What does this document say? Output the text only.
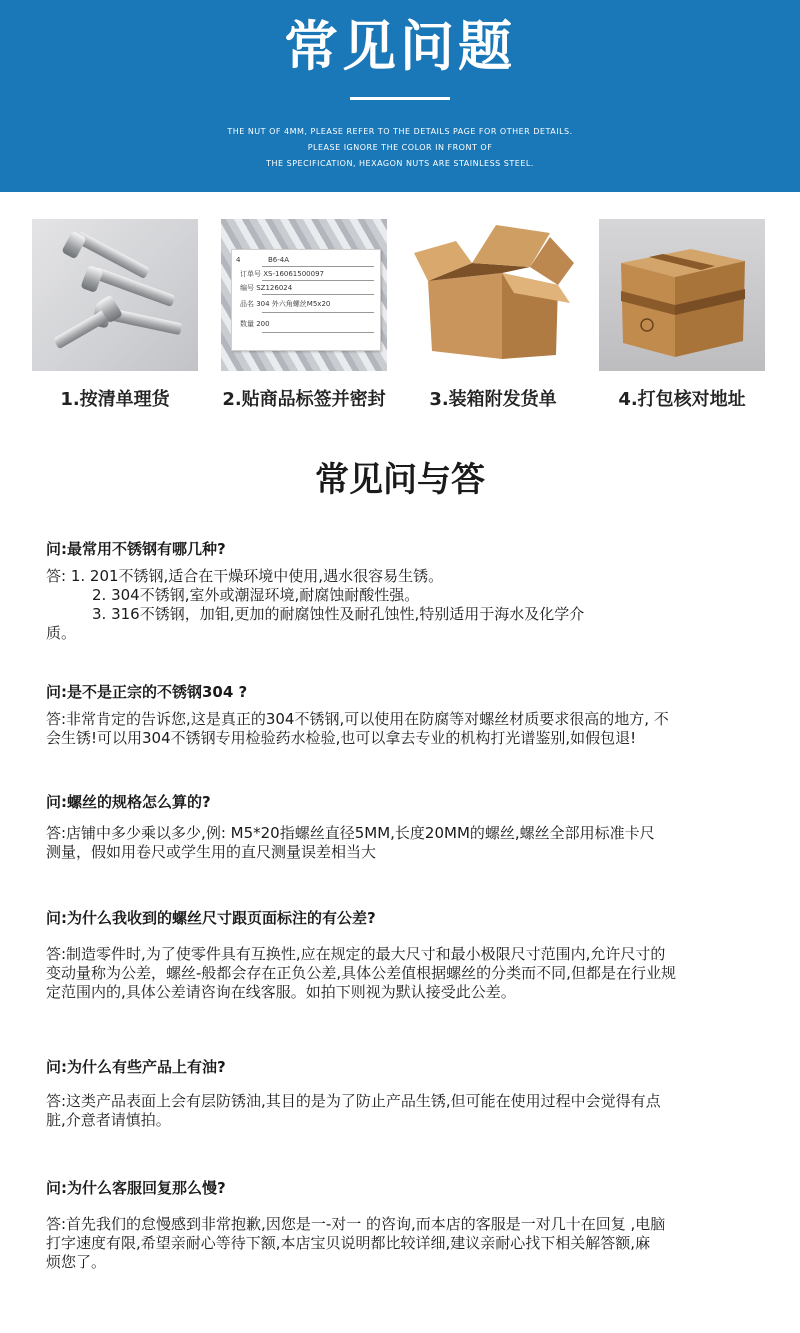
常见问题
THE NUT OF 4MM, PLEASE REFER TO THE DETAILS PAGE FOR OTHER DETAILS.
PLEASE IGNORE THE COLOR IN FRONT OF
THE SPECIFICATION, HEXAGON NUTS ARE STAINLESS STEEL.
1.按清单理货
4	B6-4A
订单号 XS-16061500097
编号 SZ126024
品名 304 外六角螺丝M5x20
数量 200
2.贴商品标签并密封	3.装箱附发货单	4.打包核对地址
常见问与答
问:最常用不锈钢有哪几种?
答: 1. 201不锈钢,适合在干燥环境中使用,遇水很容易生锈。
2. 304不锈钢,室外或潮湿环境,耐腐蚀耐酸性强。
3. 316不锈钢，加钼,更加的耐腐蚀性及耐孔蚀性,特别适用于海水及化学介
质。
问:是不是正宗的不锈钢304 ?
答:非常肯定的告诉您,这是真正的304不锈钢,可以使用在防腐等对螺丝材质要求很高的地方, 不
会生锈!可以用304不锈钢专用检验药水检验,也可以拿去专业的机构打光谱鉴别,如假包退!
问:螺丝的规格怎么算的?
答:店铺中多少乘以多少,例: M5*20指螺丝直径5MM,长度20MM的螺丝,螺丝全部用标准卡尺
测量，假如用卷尺或学生用的直尺测量误差相当大
问:为什么我收到的螺丝尺寸跟页面标注的有公差?
答:制造零件时,为了使零件具有互换性,应在规定的最大尺寸和最小极限尺寸范围内,允许尺寸的
变动量称为公差，螺丝-般都会存在正负公差,具体公差值根据螺丝的分类而不同,但都是在行业规
定范围内的,具体公差请咨询在线客服。如拍下则视为默认接受此公差。
问:为什么有些产品上有油?
答:这类产品表面上会有层防锈油,其目的是为了防止产品生锈,但可能在使用过程中会觉得有点
脏,介意者请慎拍。
问:为什么客服回复那么慢?
答:首先我们的怠慢感到非常抱歉,因您是一-对一 的咨询,而本店的客服是一对几十在回复 ,电脑
打字速度有限,希望亲耐心等待下额,本店宝贝说明都比较详细,建议亲耐心找下相关解答额,麻
烦您了。
